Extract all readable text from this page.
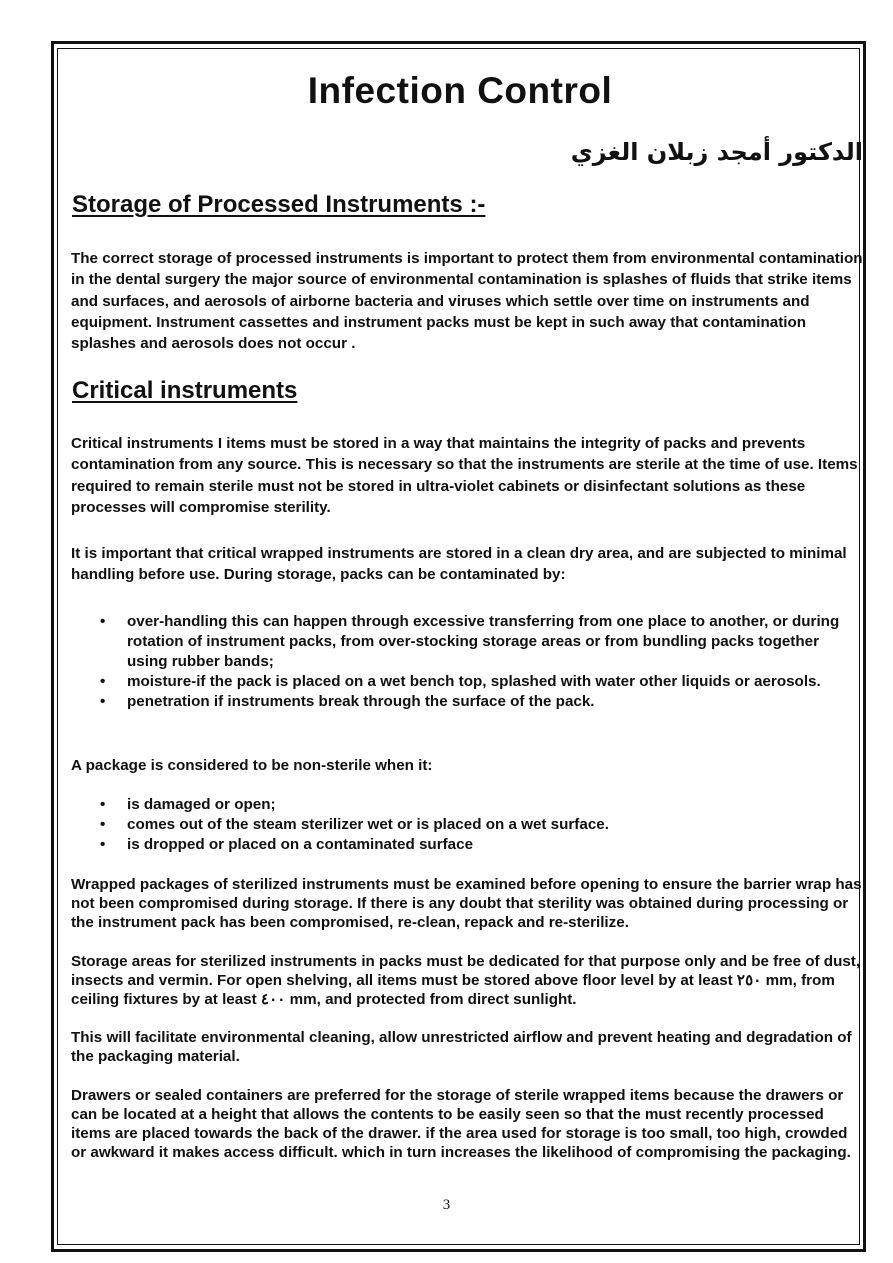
Infection Control
الدكتور أمجد زبلان الغزي
Storage of Processed Instruments :-

The correct storage of processed instruments is important to protect them from environmental contamination in the dental surgery the major source of environmental contamination is splashes of fluids that strike items and surfaces, and aerosols of airborne bacteria and viruses which settle over time on instruments and equipment. Instrument cassettes and instrument packs must be kept in such away that contamination splashes and aerosols does not occur .

Critical instruments

Critical instruments I items must be stored in a way that maintains the integrity of packs and prevents contamination from any source. This is necessary so that the instruments are sterile at the time of use. Items required to remain sterile must not be stored in ultra-violet cabinets or disinfectant solutions as these processes will compromise sterility.

It is important that critical wrapped instruments are stored in a clean dry area, and are subjected to minimal handling before use. During storage, packs can be contaminated by:

• over-handling this can happen through excessive transferring from one place to another, or during rotation of instrument packs, from over-stocking storage areas or from bundling packs together using rubber bands;
• moisture-if the pack is placed on a wet bench top, splashed with water other liquids or aerosols.
• penetration if instruments break through the surface of the pack.

A package is considered to be non-sterile when it:

• is damaged or open;
• comes out of the steam sterilizer wet or is placed on a wet surface.
• is dropped or placed on a contaminated surface

Wrapped packages of sterilized instruments must be examined before opening to ensure the barrier wrap has not been compromised during storage. If there is any doubt that sterility was obtained during processing or the instrument pack has been compromised, re-clean, repack and re-sterilize.

Storage areas for sterilized instruments in packs must be dedicated for that purpose only and be free of dust, insects and vermin. For open shelving, all items must be stored above floor level by at least ٢٥٠ mm, from ceiling fixtures by at least ٤٠٠ mm, and protected from direct sunlight.

This will facilitate environmental cleaning, allow unrestricted airflow and prevent heating and degradation of the packaging material.

Drawers or sealed containers are preferred for the storage of sterile wrapped items because the drawers or can be located at a height that allows the contents to be easily seen so that the must recently processed items are placed towards the back of the drawer. if the area used for storage is too small, too high, crowded or awkward it makes access difficult. which in turn increases the likelihood of compromising the packaging.

3
